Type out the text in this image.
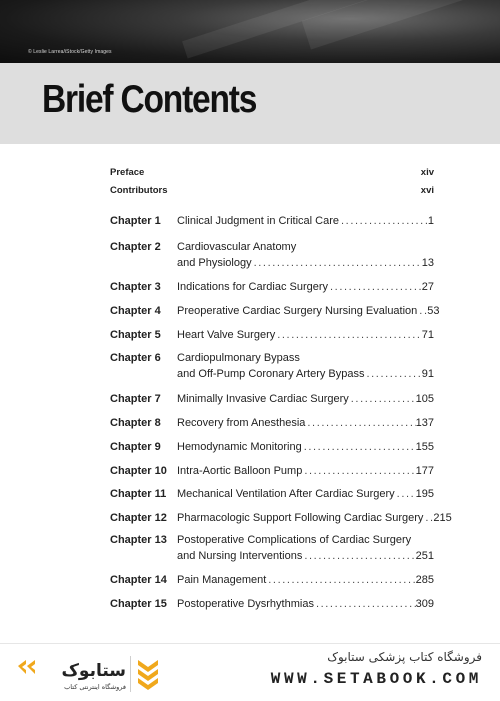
© Leslie Larrea/iStock/Getty Images
Brief Contents
Preface	xiv
Contributors	xvi
Chapter 1	Clinical Judgment in Critical Care .....	1
Chapter 2	Cardiovascular Anatomy
and Physiology .....	13
Chapter 3	Indications for Cardiac Surgery .....	27
Chapter 4	Preoperative Cardiac Surgery Nursing Evaluation ..... 53
Chapter 5	Heart Valve Surgery .....	71
Chapter 6	Cardiopulmonary Bypass
and Off-Pump Coronary Artery Bypass .....	91
Chapter 7	Minimally Invasive Cardiac Surgery .....	105
Chapter 8	Recovery from Anesthesia .....	137
Chapter 9	Hemodynamic Monitoring .....	155
Chapter 10 Intra-Aortic Balloon Pump .....	177
Chapter 11 Mechanical Ventilation After Cardiac Surgery ..... 195
Chapter 12 Pharmacologic Support Following Cardiac Surgery ..... 215
Chapter 13 Postoperative Complications of Cardiac Surgery
and Nursing Interventions .....	251
Chapter 14 Pain Management .....	285
Chapter 15 Postoperative Dysrhythmias .....	309
ستابوک
فروشگاه اینترنتی کتاب
فروشگاه کتاب پزشکی ستابوک
WWW.SETABOOK.COM
